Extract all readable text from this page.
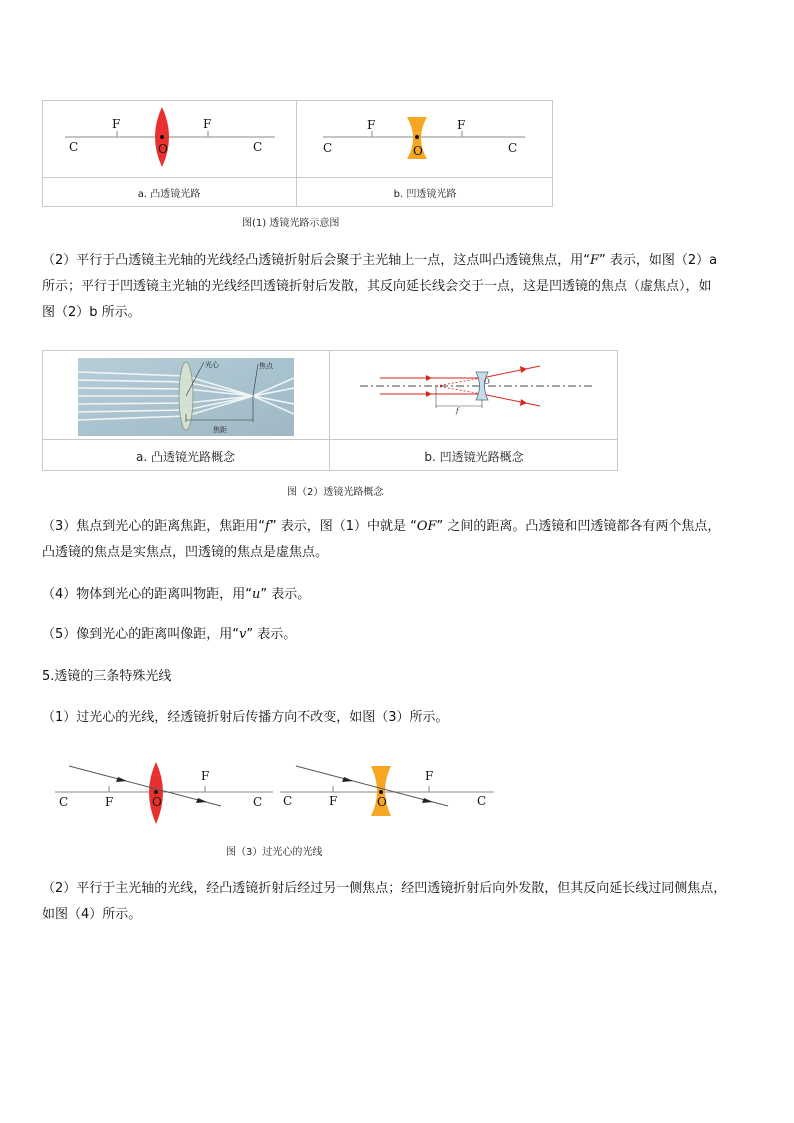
C
F
O
F
C	C
F
O
F
C
a. 凸透镜光路	b. 凹透镜光路
图(1) 透镜光路示意图
（2）平行于凸透镜主光轴的光线经凸透镜折射后会聚于主光轴上一点，这点叫凸透镜焦点，用“F” 表示，如图（2）a
所示；平行于凹透镜主光轴的光线经凹透镜折射后发散，其反向延长线会交于一点，这是凹透镜的焦点（虚焦点），如
图（2）b 所示。
光心	焦点
焦距
f
O
a. 凸透镜光路概念	b. 凹透镜光路概念
图（2）透镜光路概念
（3）焦点到光心的距离焦距，焦距用“f” 表示，图（1）中就是 “OF” 之间的距离。凸透镜和凹透镜都各有两个焦点，
凸透镜的焦点是实焦点，凹透镜的焦点是虚焦点。
（4）物体到光心的距离叫物距，用“u” 表示。
（5）像到光心的距离叫像距，用“v” 表示。
5.透镜的三条特殊光线
（1）过光心的光线，经透镜折射后传播方向不改变，如图（3）所示。
C	F	O
F
C C	F	O
F
C
图（3）过光心的光线
（2）平行于主光轴的光线，经凸透镜折射后经过另一侧焦点；经凹透镜折射后向外发散，但其反向延长线过同侧焦点，
如图（4）所示。
